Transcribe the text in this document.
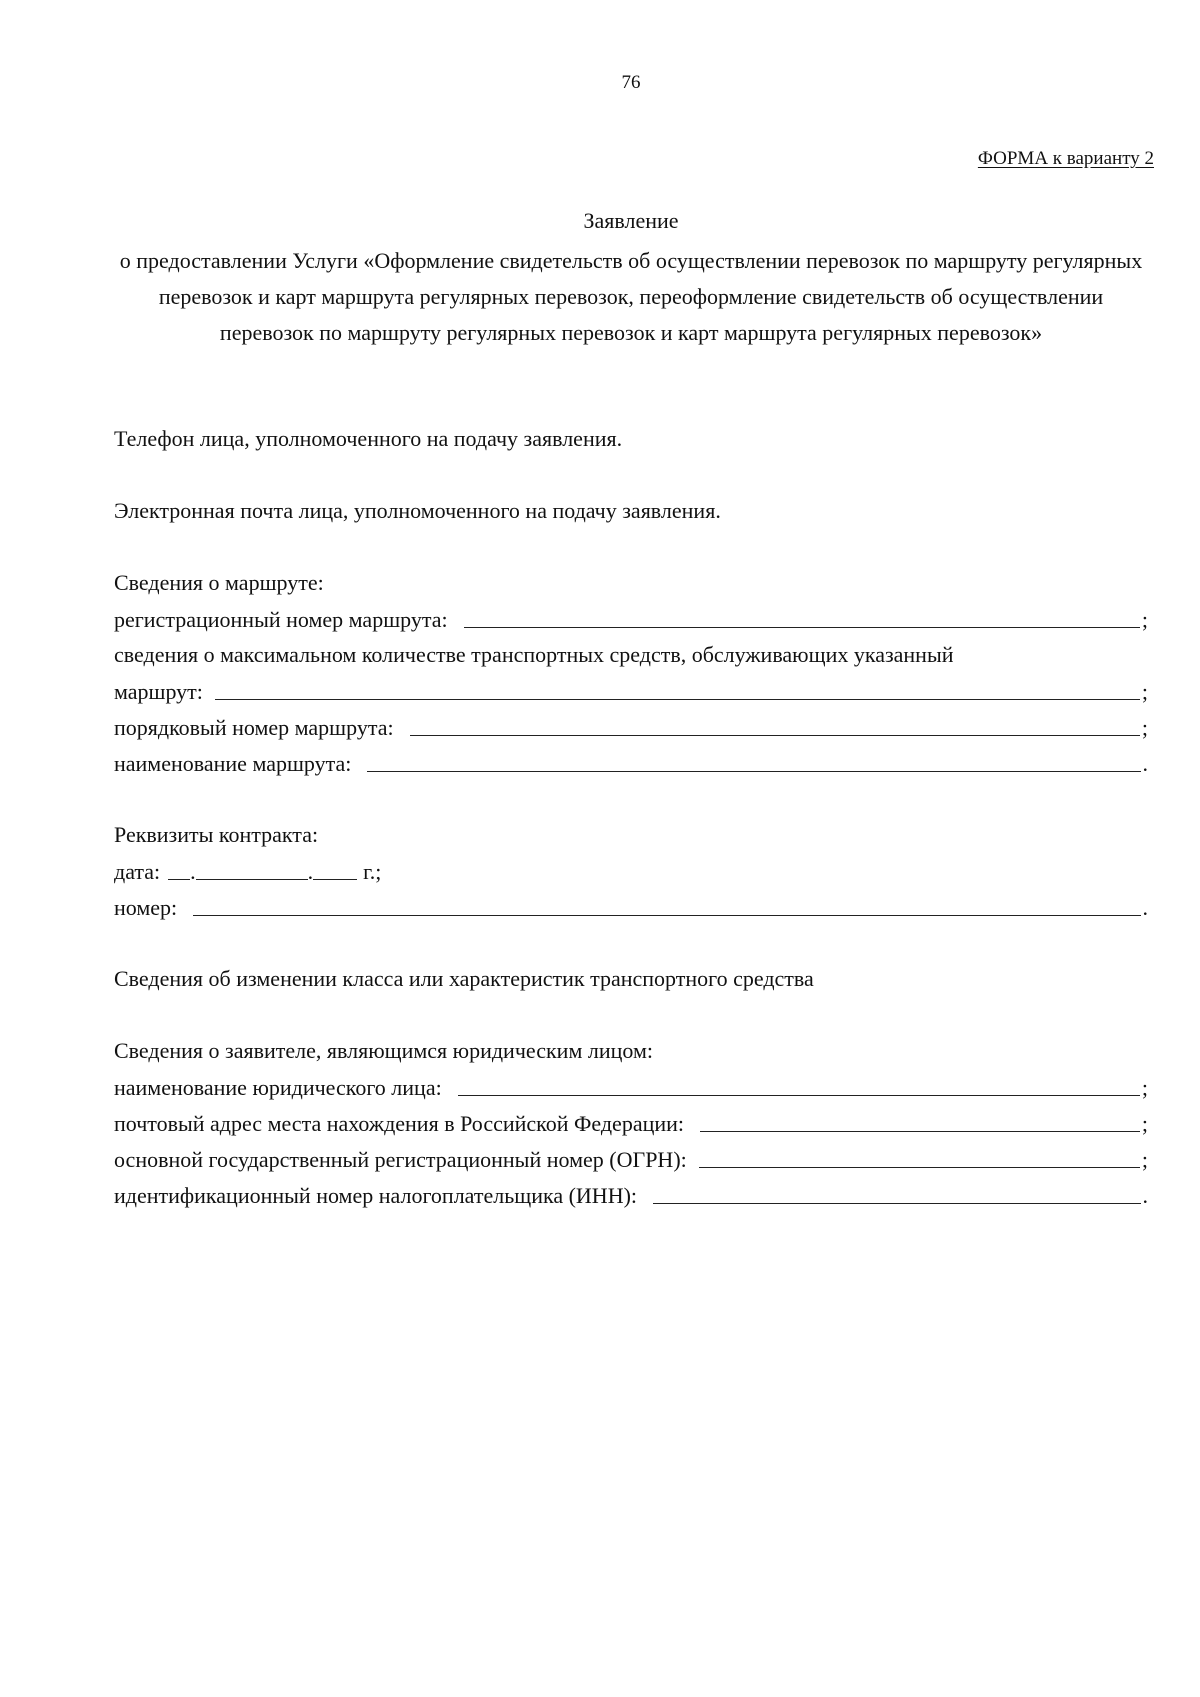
76
ФОРМА к варианту 2
Заявление
о предоставлении Услуги «Оформление свидетельств об осуществлении перевозок по маршруту регулярных перевозок и карт маршрута регулярных перевозок, переоформление свидетельств об осуществлении перевозок по маршруту регулярных перевозок и карт маршрута регулярных перевозок»
Телефон лица, уполномоченного на подачу заявления.
Электронная почта лица, уполномоченного на подачу заявления.
Сведения о маршруте:
регистрационный номер маршрута:	;
сведения о максимальном количестве транспортных средств, обслуживающих указанный
маршрут:	;
порядковый номер маршрута:	;
наименование маршрута:	.
Реквизиты контракта:
дата: .	. г.;
номер:	.
Сведения об изменении класса или характеристик транспортного средства
Сведения о заявителе, являющимся юридическим лицом:
наименование юридического лица:	;
почтовый адрес места нахождения в Российской Федерации:	;
основной государственный регистрационный номер (ОГРН):	;
идентификационный номер налогоплательщика (ИНН):	.
